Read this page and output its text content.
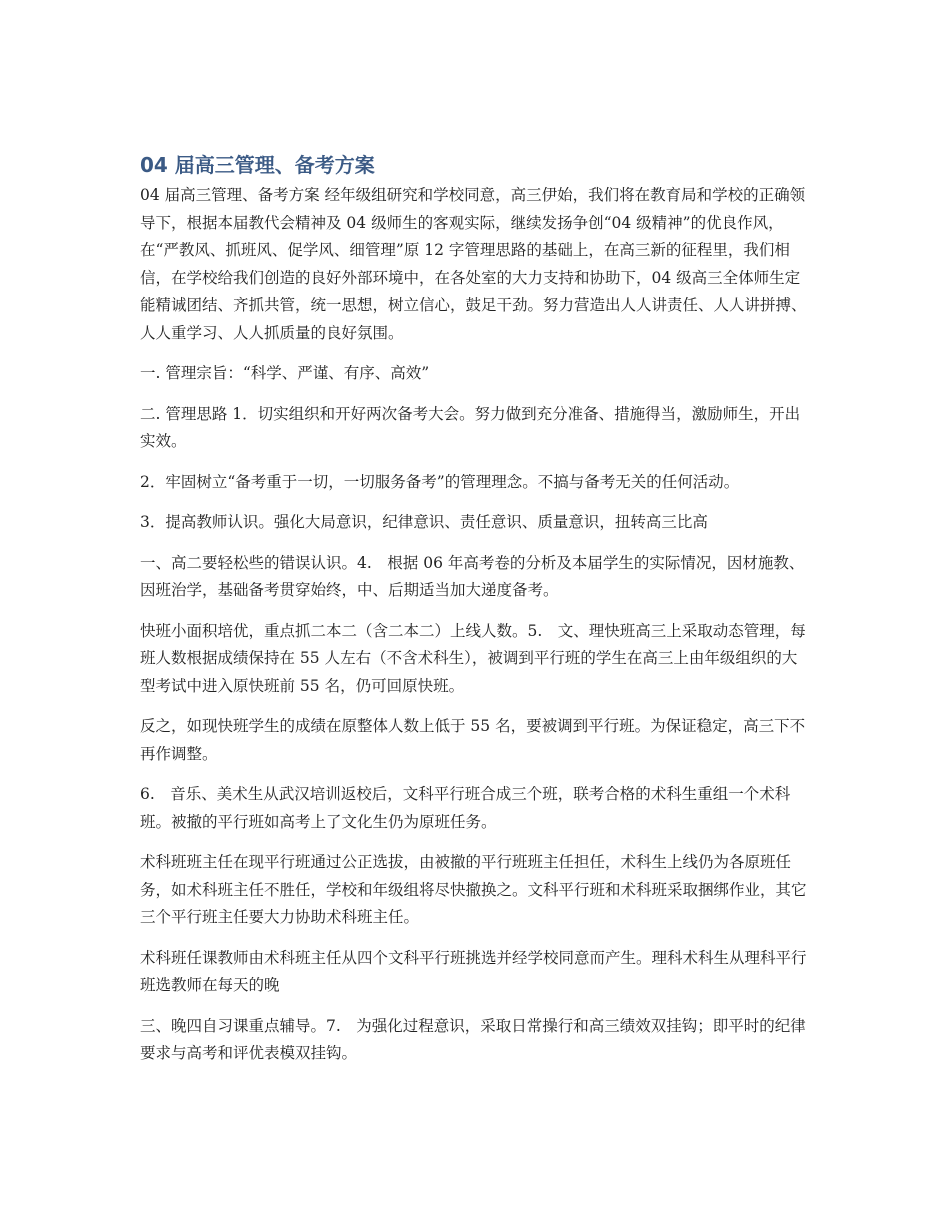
04 届高三管理、备考方案

04 届高三管理、备考方案 经年级组研究和学校同意，高三伊始，我们将在教育局和学校的正确领导下，根据本届教代会精神及 04 级师生的客观实际，继续发扬争创“04 级精神”的优良作风，在“严教风、抓班风、促学风、细管理”原 12 字管理思路的基础上，在高三新的征程里，我们相信，在学校给我们创造的良好外部环境中，在各处室的大力支持和协助下，04 级高三全体师生定能精诚团结、齐抓共管，统一思想，树立信心，鼓足干劲。努力营造出人人讲责任、人人讲拼搏、人人重学习、人人抓质量的良好氛围。

一. 管理宗旨：“科学、严谨、有序、高效”

二. 管理思路 1．切实组织和开好两次备考大会。努力做到充分准备、措施得当，激励师生，开出实效。

2．牢固树立“备考重于一切，一切服务备考”的管理理念。不搞与备考无关的任何活动。

3．提高教师认识。强化大局意识，纪律意识、责任意识、质量意识，扭转高三比高

一、高二要轻松些的错误认识。4.　根据 06 年高考卷的分析及本届学生的实际情况，因材施教、因班治学，基础备考贯穿始终，中、后期适当加大递度备考。

快班小面积培优，重点抓二本二（含二本二）上线人数。5.　文、理快班高三上采取动态管理，每班人数根据成绩保持在 55 人左右（不含术科生），被调到平行班的学生在高三上由年级组织的大型考试中进入原快班前 55 名，仍可回原快班。

反之，如现快班学生的成绩在原整体人数上低于 55 名，要被调到平行班。为保证稳定，高三下不再作调整。

6.　音乐、美术生从武汉培训返校后，文科平行班合成三个班，联考合格的术科生重组一个术科班。被撤的平行班如高考上了文化生仍为原班任务。

术科班班主任在现平行班通过公正选拔，由被撤的平行班班主任担任，术科生上线仍为各原班任务，如术科班主任不胜任，学校和年级组将尽快撤换之。文科平行班和术科班采取捆绑作业，其它三个平行班主任要大力协助术科班主任。

术科班任课教师由术科班主任从四个文科平行班挑选并经学校同意而产生。理科术科生从理科平行班选教师在每天的晚

三、晚四自习课重点辅导。7.　为强化过程意识，采取日常操行和高三绩效双挂钩；即平时的纪律要求与高考和评优表模双挂钩。
